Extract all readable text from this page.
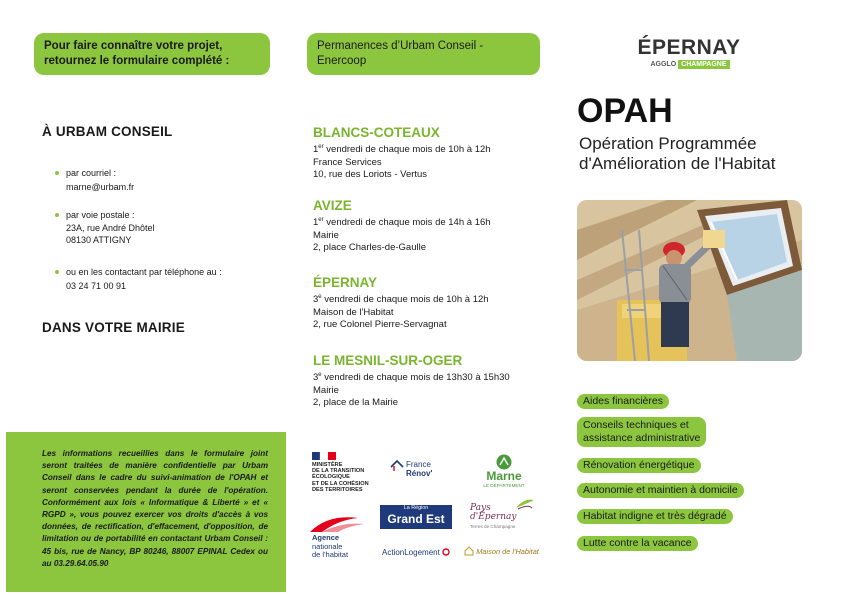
Pour faire connaître votre projet, retournez le formulaire complété :
À URBAM CONSEIL
par courriel :
marne@urbam.fr
par voie postale :
23A, rue André Dhôtel
08130 ATTIGNY
ou en les contactant par téléphone au :
03 24 71 00 91
DANS VOTRE MAIRIE
Les informations recueillies dans le formulaire joint seront traitées de manière confidentielle par Urbam Conseil dans le cadre du suivi-animation de l'OPAH et seront conservées pendant la durée de l'opération. Conformément aux lois « Informatique & Liberté » et « RGPD », vous pouvez exercer vos droits d'accès à vos données, de rectification, d'effacement, d'opposition, de limitation ou de portabilité en contactant Urbam Conseil : 45 bis, rue de Nancy, BP 80246, 88007 EPINAL Cedex ou au 03.29.64.05.90
Permanences d’Urbam Conseil - Enercoop
BLANCS-COTEAUX
1er vendredi de chaque mois de 10h à 12h
France Services
10, rue des Loriots - Vertus
AVIZE
1er vendredi de chaque mois de 14h à 16h
Mairie
2, place Charles-de-Gaulle
ÉPERNAY
3e vendredi de chaque mois de 10h à 12h
Maison de l'Habitat
2, rue Colonel Pierre-Servagnat
LE MESNIL-SUR-OGER
3e vendredi de chaque mois de 13h30 à 15h30
Mairie
2, place de la Mairie
MINISTÈRE
DE LA TRANSITION
ÉCOLOGIQUE
ET DE LA COHÉSION
DES TERRITOIRES
France
Rénov'	Marne
LE DÉPARTEMENT
Agence
nationale
de l'habitat
La Région
Grand Est
Pays
d'Épernay
Terres de Champagne
ActionLogement	Maison de l'Habitat
ÉPERNAY
AGGLO CHAMPAGNE
OPAH
Opération Programmée
d'Amélioration de l'Habitat
Aides financières
Conseils techniques et
assistance administrative
Rénovation énergétique
Autonomie et maintien à domicile
Habitat indigne et très dégradé
Lutte contre la vacance
